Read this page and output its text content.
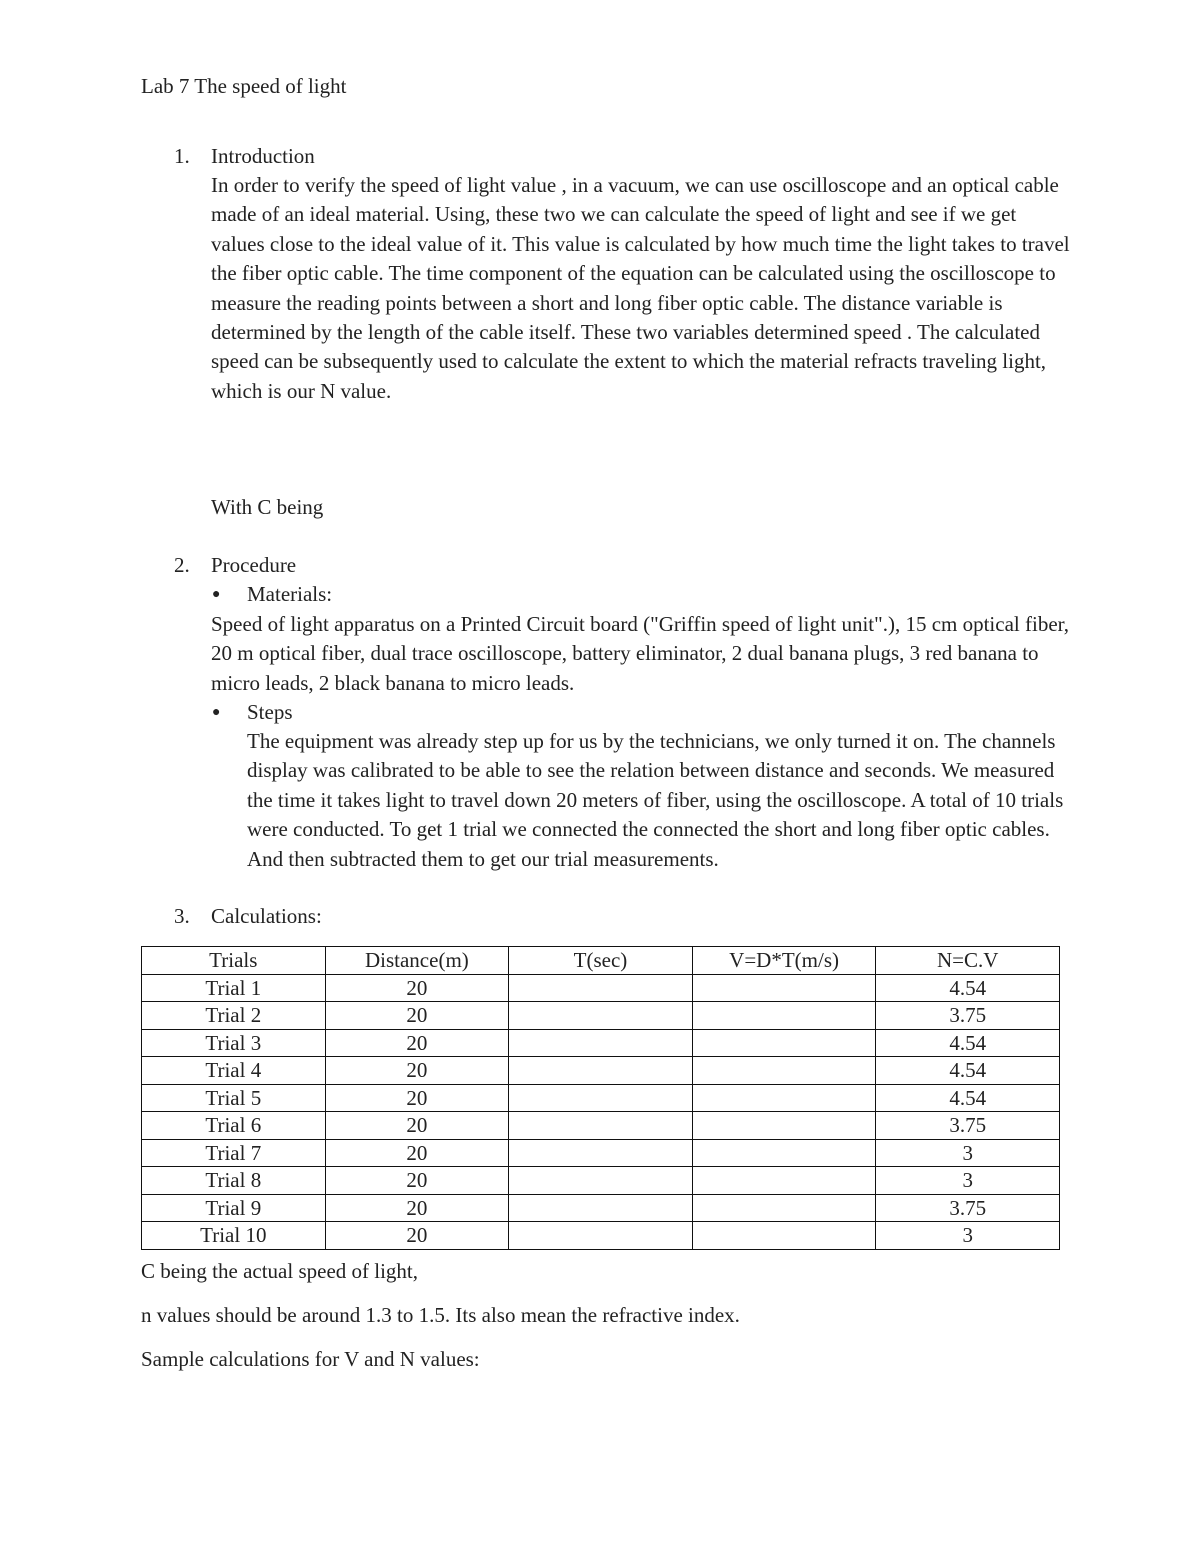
Lab 7 The speed of light
1. Introduction

In order to verify the speed of light value , in a vacuum, we can use oscilloscope and an optical cable made of an ideal material. Using, these two we can calculate the speed of light and see if we get values close to the ideal value of it. This value is calculated by how much time the light takes to travel the fiber optic cable. The time component of the equation can be calculated using the oscilloscope to measure the reading points between a short and long fiber optic cable. The distance variable is determined by the length of the cable itself. These two variables determined speed . The calculated speed can be subsequently used to calculate the extent to which the material refracts traveling light, which is our N value.

With C being
2. Procedure
● Materials:

Speed of light apparatus on a Printed Circuit board ("Griffin speed of light unit".), 15 cm optical fiber, 20 m optical fiber, dual trace oscilloscope, battery eliminator, 2 dual banana plugs, 3 red banana to micro leads, 2 black banana to micro leads.

● Steps

The equipment was already step up for us by the technicians, we only turned it on. The channels display was calibrated to be able to see the relation between distance and seconds. We measured the time it takes light to travel down 20 meters of fiber, using the oscilloscope. A total of 10 trials were conducted. To get 1 trial we connected the connected the short and long fiber optic cables. And then subtracted them to get our trial measurements.

3. Calculations:
Trials	Distance(m)	T(sec)	V=D*T(m/s)	N=C.V
Trial 1	20			4.54
Trial 2	20			3.75
Trial 3	20			4.54
Trial 4	20			4.54
Trial 5	20			4.54
Trial 6	20			3.75
Trial 7	20			3
Trial 8	20			3
Trial 9	20			3.75
Trial 10	20			3

C being the actual speed of light,

n values should be around 1.3 to 1.5. Its also mean the refractive index.

Sample calculations for V and N values:
